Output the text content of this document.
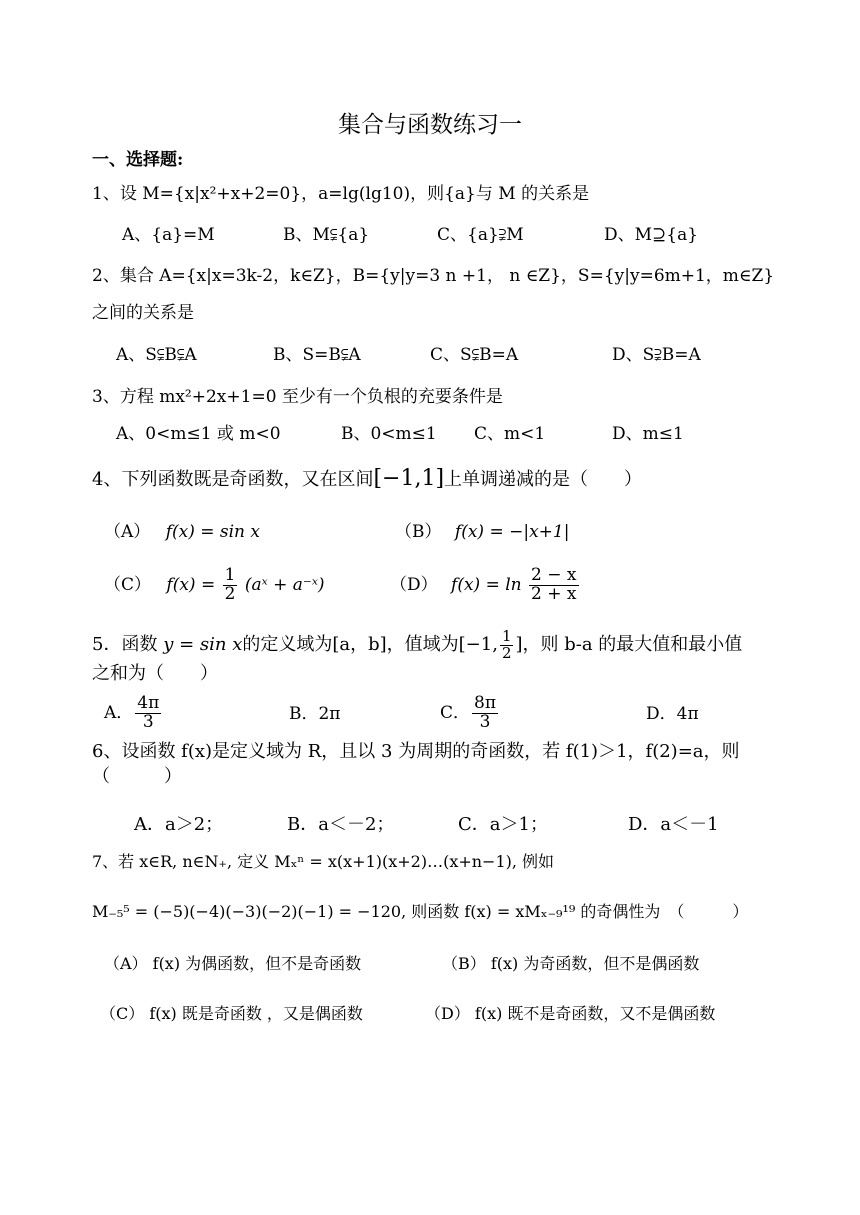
集合与函数练习一
一、选择题:
1、设 M={x|x²+x+2=0}，a=lg(lg10)，则{a}与 M 的关系是
A、{a}=M	B、M⫋{a}	C、{a}⫌M	D、M⊇{a}
2、集合 A={x|x=3k-2，k∈Z}，B={y|y=3 n +1， n ∈Z}，S={y|y=6m+1，m∈Z}
之间的关系是
A、S⫋B⫋A	B、S=B⫋A	C、S⫋B=A	D、S⫌B=A
3、方程 mx²+2x+1=0 至少有一个负根的充要条件是
A、0<m≤1 或 m<0	B、0<m≤1 C、m<1	D、m≤1
4、下列函数既是奇函数，又在区间[−1,1]上单调递减的是（　　）
（A） f(x) = sin x	（B） f(x) = −|x+1|
（C） $f(x) = \frac{1}{2}$ (aˣ + a⁻ˣ)	（D） $f(x) = \ln \frac{2 - x}{2 + x}$
5．函数 y = sin x的定义域为[a，b]，值域为[−1, $\frac{1}{2}$ ]，则 b-a 的最大值和最小值
之和为（　　）
A． $\frac{4\pi}{3}$	B．2π	C． $\frac{8\pi}{3}$	D．4π
6、设函数 f(x)是定义域为 R，且以 3 为周期的奇函数，若 f(1)＞1，f(2)=a，则
（　　　）
A．a＞2；	B．a＜－2；	C．a＞1；	D．a＜－1
7、若 x∈R, n∈N₊, 定义 Mₓⁿ = x(x+1)(x+2)…(x+n−1), 例如
M₋₅⁵ = (−5)(−4)(−3)(−2)(−1) = −120, 则函数 f(x) = xMₓ₋₉¹⁹ 的奇偶性为　（　　　）
（A） f(x) 为偶函数，但不是奇函数	（B） f(x) 为奇函数，但不是偶函数
（C） f(x) 既是奇函数 ，又是偶函数	（D） f(x) 既不是奇函数，又不是偶函数
